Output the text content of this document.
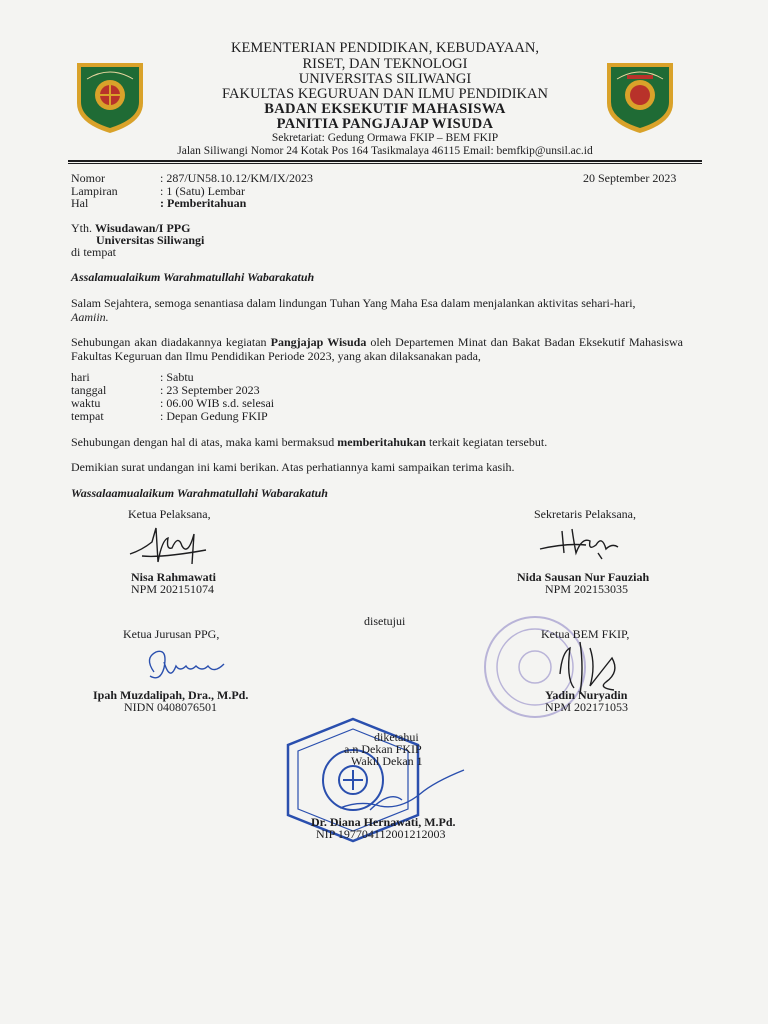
KEMENTERIAN PENDIDIKAN, KEBUDAYAAN,
RISET, DAN TEKNOLOGI
UNIVERSITAS SILIWANGI
FAKULTAS KEGURUAN DAN ILMU PENDIDIKAN
BADAN EKSEKUTIF MAHASISWA
PANITIA PANGJAJAP WISUDA
Sekretariat: Gedung Ormawa FKIP – BEM FKIP
Jalan Siliwangi Nomor 24 Kotak Pos 164 Tasikmalaya 46115 Email: bemfkip@unsil.ac.id
Nomor	: 287/UN58.10.12/KM/IX/2023	20 September 2023
Lampiran	: 1 (Satu) Lembar
Hal	: Pemberitahuan
Yth. Wisudawan/I PPG
Universitas Siliwangi
di tempat
Assalamualaikum Warahmatullahi Wabarakatuh
Salam Sejahtera, semoga senantiasa dalam lindungan Tuhan Yang Maha Esa dalam menjalankan aktivitas sehari-hari,
Aamiin.
Sehubungan akan diadakannya kegiatan Pangjajap Wisuda oleh Departemen Minat dan Bakat Badan Eksekutif Mahasiswa Fakultas Keguruan dan Ilmu Pendidikan Periode 2023, yang akan dilaksanakan pada,
hari	: Sabtu
tanggal	: 23 September 2023
waktu	: 06.00 WIB s.d. selesai
tempat	: Depan Gedung FKIP
Sehubungan dengan hal di atas, maka kami bermaksud memberitahukan terkait kegiatan tersebut.
Demikian surat undangan ini kami berikan. Atas perhatiannya kami sampaikan terima kasih.
Wassalaamualaikum Warahmatullahi Wabarakatuh
Ketua Pelaksana,
Nisa Rahmawati
NPM 202151074
Sekretaris Pelaksana,
Nida Sausan Nur Fauziah
NPM 202153035
disetujui
Ketua Jurusan PPG,
Ipah Muzdalipah, Dra., M.Pd.
NIDN 0408076501
Ketua BEM FKIP,
Yadin Nuryadin
NPM 202171053
diketahui
a.n Dekan FKIP
Wakil Dekan 1
Dr. Diana Hernawati, M.Pd.
NIP 197704112001212003
